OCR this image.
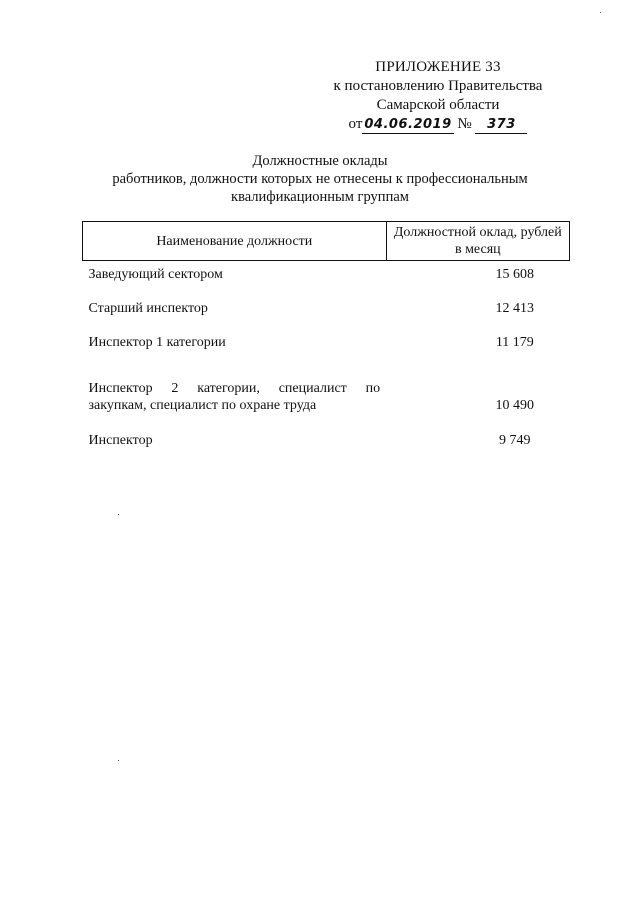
ПРИЛОЖЕНИЕ 33
к постановлению Правительства
Самарской области
от 04.06.2019 № 373
Должностные оклады
работников, должности которых не отнесены к профессиональным
квалификационным группам
Наименование должности	Должностной оклад, рублей в месяц
Заведующий сектором	15 608
Старший инспектор	12 413
Инспектор 1 категории	11 179
Инспектор 2 категории, специалист по закупкам, специалист по охране труда	10 490
Инспектор	9 749
